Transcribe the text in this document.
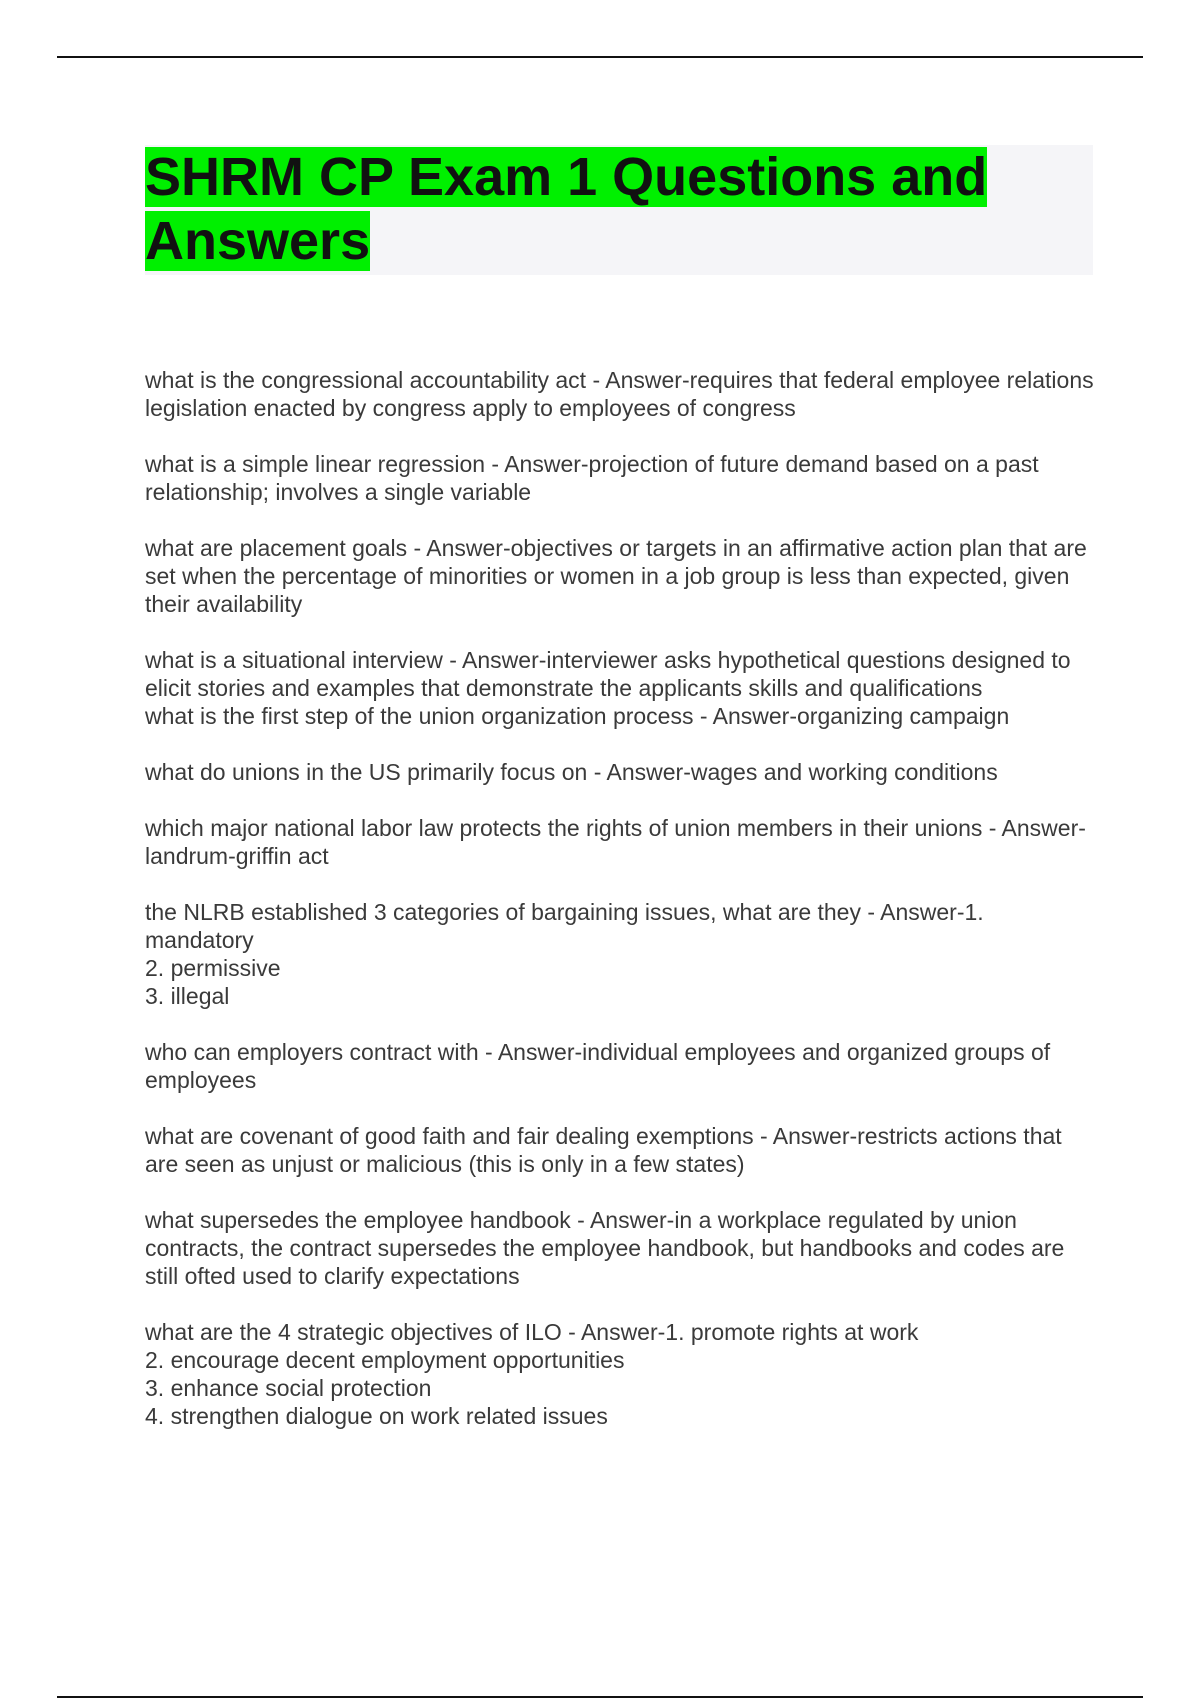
SHRM CP Exam 1 Questions and Answers

what is the congressional accountability act - Answer-requires that federal employee relations legislation enacted by congress apply to employees of congress

what is a simple linear regression - Answer-projection of future demand based on a past relationship; involves a single variable

what are placement goals - Answer-objectives or targets in an affirmative action plan that are set when the percentage of minorities or women in a job group is less than expected, given their availability

what is a situational interview - Answer-interviewer asks hypothetical questions designed to elicit stories and examples that demonstrate the applicants skills and qualifications

what is the first step of the union organization process - Answer-organizing campaign

what do unions in the US primarily focus on - Answer-wages and working conditions

which major national labor law protects the rights of union members in their unions - Answer-landrum-griffin act

the NLRB established 3 categories of bargaining issues, what are they - Answer-1. mandatory
2. permissive
3. illegal

who can employers contract with - Answer-individual employees and organized groups of employees

what are covenant of good faith and fair dealing exemptions - Answer-restricts actions that are seen as unjust or malicious (this is only in a few states)

what supersedes the employee handbook - Answer-in a workplace regulated by union contracts, the contract supersedes the employee handbook, but handbooks and codes are still ofted used to clarify expectations

what are the 4 strategic objectives of ILO - Answer-1. promote rights at work
2. encourage decent employment opportunities
3. enhance social protection
4. strengthen dialogue on work related issues
